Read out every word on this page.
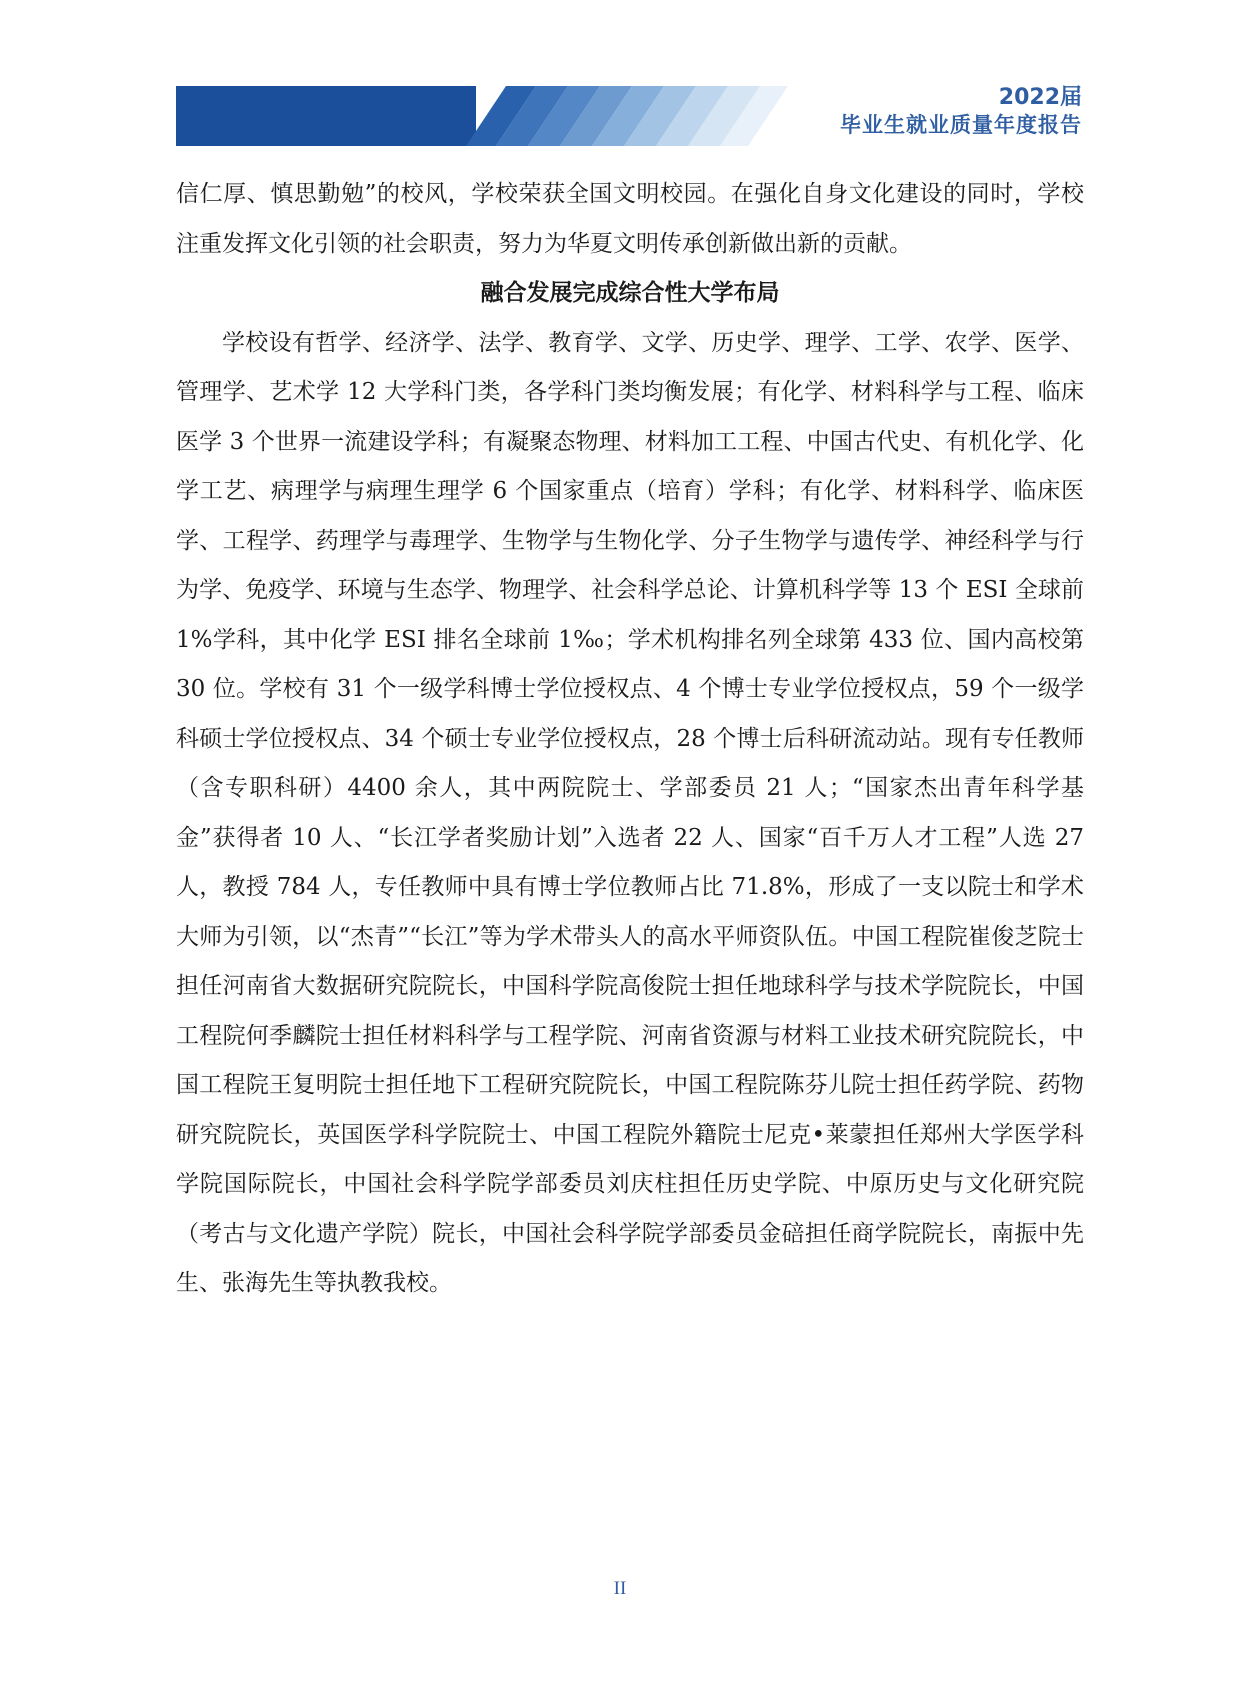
2022届
毕业生就业质量年度报告

信仁厚、慎思勤勉”的校风，学校荣获全国文明校园。在强化自身文化建设的同时，学校注重发挥文化引领的社会职责，努力为华夏文明传承创新做出新的贡献。

融合发展完成综合性大学布局

学校设有哲学、经济学、法学、教育学、文学、历史学、理学、工学、农学、医学、管理学、艺术学 12 大学科门类，各学科门类均衡发展；有化学、材料科学与工程、临床医学 3 个世界一流建设学科；有凝聚态物理、材料加工工程、中国古代史、有机化学、化学工艺、病理学与病理生理学 6 个国家重点（培育）学科；有化学、材料科学、临床医学、工程学、药理学与毒理学、生物学与生物化学、分子生物学与遗传学、神经科学与行为学、免疫学、环境与生态学、物理学、社会科学总论、计算机科学等 13 个 ESI 全球前 1%学科，其中化学 ESI 排名全球前 1‰；学术机构排名列全球第 433 位、国内高校第 30 位。学校有 31 个一级学科博士学位授权点、4 个博士专业学位授权点，59 个一级学科硕士学位授权点、34 个硕士专业学位授权点，28 个博士后科研流动站。现有专任教师（含专职科研）4400 余人，其中两院院士、学部委员 21 人；“国家杰出青年科学基金”获得者 10 人、“长江学者奖励计划”入选者 22 人、国家“百千万人才工程”人选 27 人，教授 784 人，专任教师中具有博士学位教师占比 71.8%，形成了一支以院士和学术大师为引领，以“杰青”“长江”等为学术带头人的高水平师资队伍。中国工程院崔俊芝院士担任河南省大数据研究院院长，中国科学院高俊院士担任地球科学与技术学院院长，中国工程院何季麟院士担任材料科学与工程学院、河南省资源与材料工业技术研究院院长，中国工程院王复明院士担任地下工程研究院院长，中国工程院陈芬儿院士担任药学院、药物研究院院长，英国医学科学院院士、中国工程院外籍院士尼克•莱蒙担任郑州大学医学科学院国际院长，中国社会科学院学部委员刘庆柱担任历史学院、中原历史与文化研究院（考古与文化遗产学院）院长，中国社会科学院学部委员金碚担任商学院院长，南振中先生、张海先生等执教我校。

II
